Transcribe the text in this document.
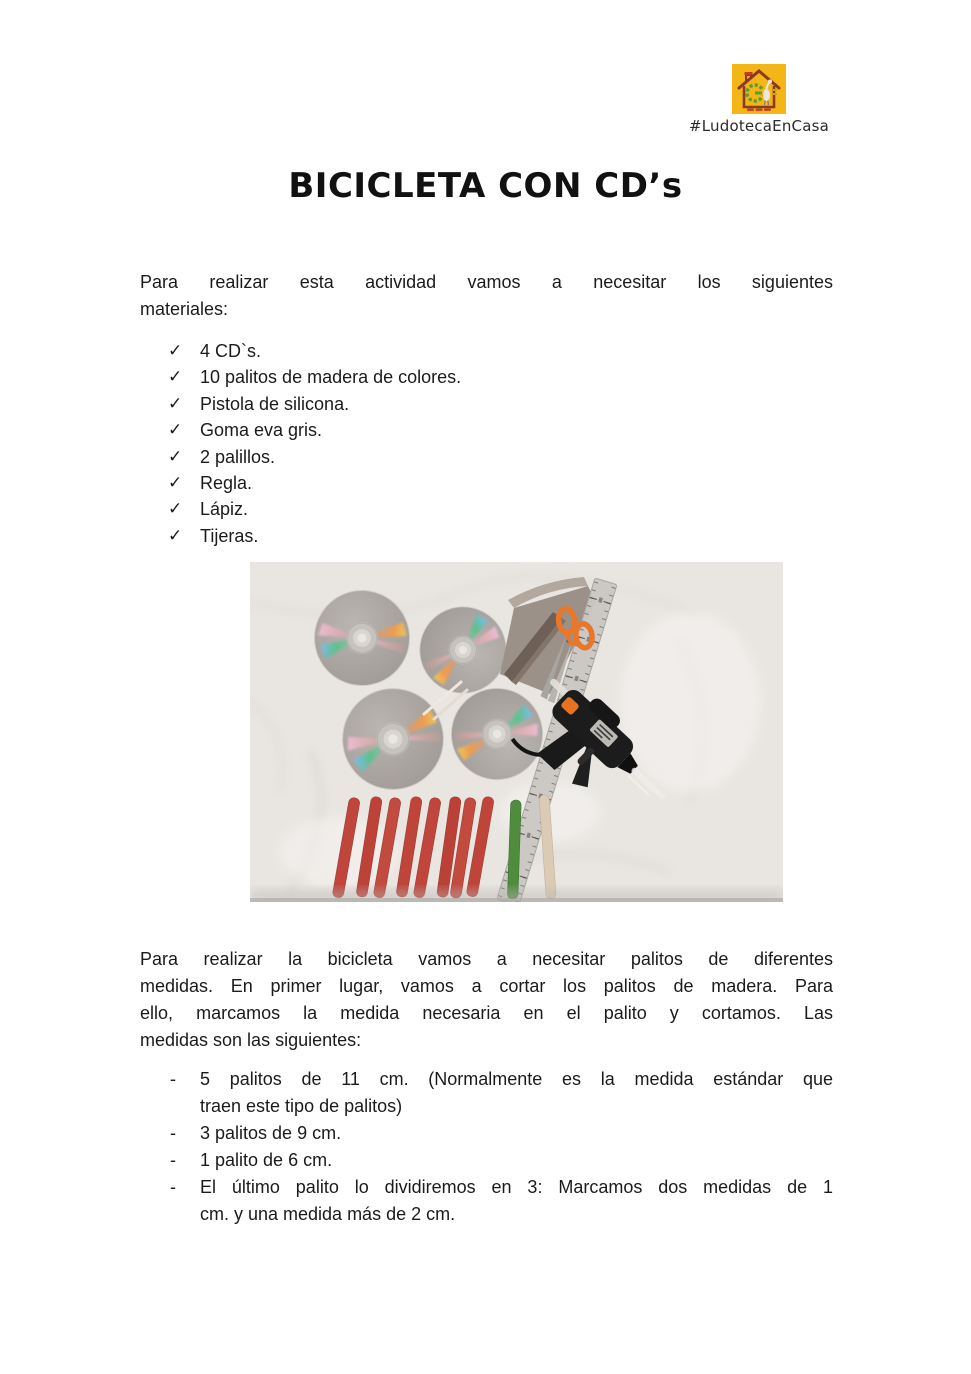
#LudotecaEnCasa
BICICLETA CON CD’s

Para realizar esta actividad vamos a necesitar los siguientes
materiales:

✓ 4 CD`s.
✓ 10 palitos de madera de colores.
✓ Pistola de silicona.
✓ Goma eva gris.
✓ 2 palillos.
✓ Regla.
✓ Lápiz.
✓ Tijeras.

Para realizar la bicicleta vamos a necesitar palitos de diferentes
medidas. En primer lugar, vamos a cortar los palitos de madera. Para
ello, marcamos la medida necesaria en el palito y cortamos. Las
medidas son las siguientes:

- 5 palitos de 11 cm. (Normalmente es la medida estándar que
traen este tipo de palitos)
- 3 palitos de 9 cm.
- 1 palito de 6 cm.
- El último palito lo dividiremos en 3: Marcamos dos medidas de 1
cm. y una medida más de 2 cm.
